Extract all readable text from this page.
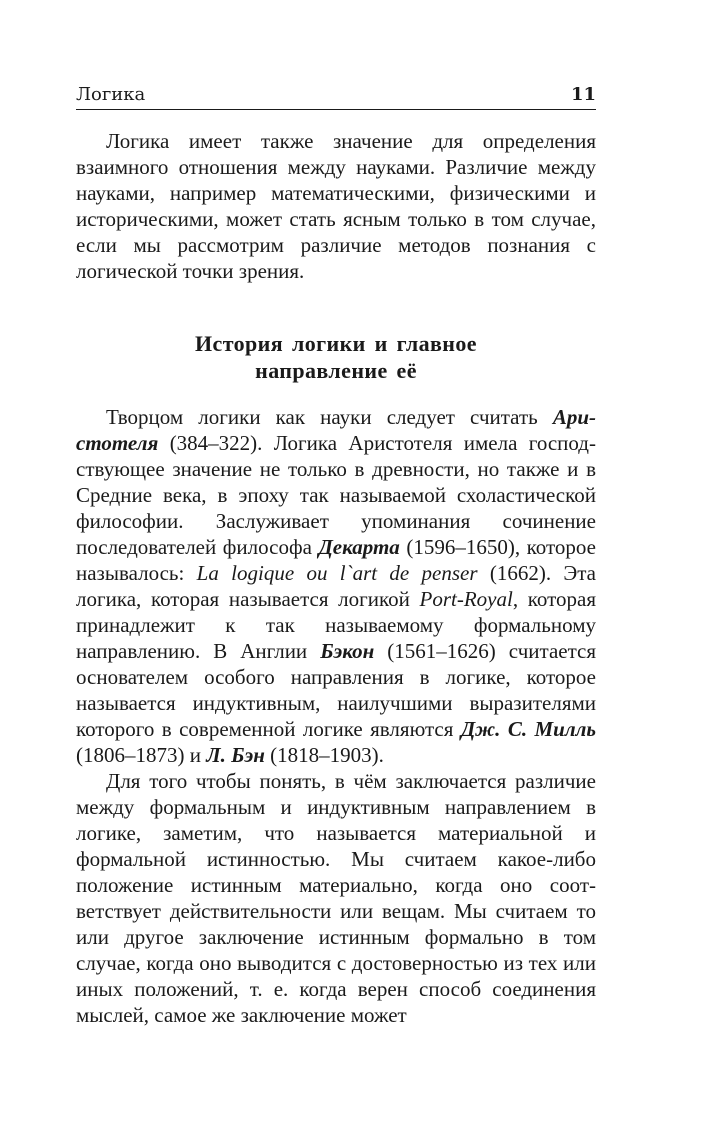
Логика	11

Логика имеет также значение для определения взаимного отношения между науками. Различие между науками, например математическими, физическими и историческими, может стать ясным только в том случае, если мы рассмотрим различие методов познания с логической точки зрения.

История логики и главное
направление её

Творцом логики как науки следует считать Аристотеля (384–322). Логика Аристотеля имела господствующее значение не только в древности, но также и в Средние века, в эпоху так называемой схоластической философии. Заслуживает упоминания сочинение последователей философа Декарта (1596–1650), которое называлось: La logique ou l`art de penser (1662). Эта логика, которая называется логикой Port-Royal, которая принадлежит к так называемому формальному направлению. В Англии Бэкон (1561–1626) считается основателем особого направления в логике, которое называется индуктивным, наилучшими выразителями которого в современной логике являются Дж. С. Милль (1806–1873) и Л. Бэн (1818–1903).

Для того чтобы понять, в чём заключается различие между формальным и индуктивным направлением в логике, заметим, что называется материальной и формальной истинностью. Мы считаем какое-либо положение истинным материально, когда оно соответствует действительности или вещам. Мы считаем то или другое заключение истинным формально в том случае, когда оно выводится с достоверностью из тех или иных положений, т. е. когда верен способ соединения мыслей, самое же заключение может
